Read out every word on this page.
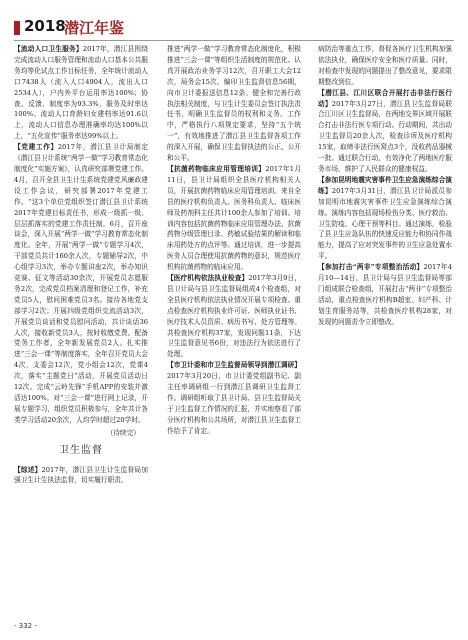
2018
潜江年鉴

【流动人口卫生服务】2017年，潜江县围绕完成流动人口服务管理和流动人口基本公共服务均等化试点工作目标任务，全年统计流动人口7438人（流入人口4904人，流出人口2534人），户内外平台运用率达100%；协查、反馈、制度率为93.3%，服务及时率达100%。流动人口育龄妇女建档率达91.6以上，流动人口信息办理准确率均达100%以上，“五化宣传”服务率达99%以上。

【党建工作】2017年，潜江县卫计局制定《潜江县卫计系统“两学一做”学习教育常态化制度化”实施方案》，认真研究部署党建工作。4月，召开全县卫生计生系统党建党风廉政建设工作会议，研究部署2017年党建工作。“这3个单位党组织签订潜江县卫计系统2017年党建目标责任书，形成一级抓一级、层层抓落实的党建工作责任制。6月，召开座谈会，深入开展“两学一做”学习教育常态化制度化。全年，开展“两学一做”专题学习4次，干部党员共计160余人次，专题辅导2次，中心组学习3次，举办专题讲座2次，举办知识竞赛、征文等活动30余次，开展党员志愿服务2次，完成党员档案清理和登记工作，补充党员5人，慰问困难党员3名。接待各地党支部学习2次；开展四级党组织交流活动3次，开展党员谈话和党员慰问活动，共计谈话36人次，接收新党员3人，按时收缴党费。配备党务工作者，全年新发展党员2人。扎实推进“三会一课”等制度落实，全年召开党员大会4次，支委会12次，党小组会12次，党课4次，落实“主题党日”活动，开展党员活动日12次。完成“云岭先锋”手机APP的安装并激活达100%。对“三会一课”进行网上记录，开展专题学习，组织党员积极参与，全年共计各类学习活动20余次，人均学时超过20学时。

（待续完）
卫生监督

【综述】2017年，潜江县卫生计生监督局加强卫生计生执法监督，切实履行职责。

推进“两学一做”学习教育常态化制度化，积极推进“三会一课”等组织生活制度的规范化。认真开展政治业务学习12次，召开职工大会12次，局务会15次。编印卫生监督信息56期，向市卫计委报送信息12条。健全和完善行政执法相关制度，与卫生计生委员会签订执法责任书，明确卫生监督员的权利和义务。工作中，严格执行八项规定要求，坚持“五个统一”，有效地推进了潜江县卫生监督各项工作的深入开展，确保卫生监督执法的公正、公开和公平。

【抗菌药物临床应用管理培训】2017年1月11日，县卫计局组织全县医疗机构相关人员，开展抗菌药物临床应用管理培训。来自全县的医疗机构负责人、医务科负责人、临床医师及药剂科主任共计100余人参加了培训。培训内容包括抗菌药物临床应用管理办法、抗菌药物分级管理目录、药敏试验结果的解读和临床用药处方的点评等。通过培训，进一步提高医务人员合理使用抗菌药物的意识，规范医疗机构抗菌药物的临床应用。

【医疗机构依法执业检查】2017年3月9日，县卫计局与县卫生监督局组成4个检查组，对全县医疗机构依法执业情况开展专项检查。重点检查医疗机构执业许可证、医师执业证书、医疗技术人员资质、病历书写、处方管理等。共检查医疗机构37家，发现问题11条，下达卫生监督意见书6份，对违法行为依法进行了处理。

【市卫计委和市卫生监督局领导到潜江调研】2017年3月20日，市卫计委党组副书记、副主任率调研组一行到潜江县调研卫生监督工作。调研组听取了县卫计局、县卫生监督局关于卫生监督工作情况的汇报，并实地察看了部分医疗机构和公共场所，对潜江县卫生监督工作给予了肯定。

病防治等重点工作，督促各医疗卫生机构加强依法执业，确保医疗安全和医疗质量。同时，对检查中发现的问题提出了整改意见，要求限期整改到位。

【潜江县、江川区联合开展打击非法行医行动】2017年3月27日，潜江县卫生监督局联合江川区卫生监督局，在两地交界区域开展联合打击非法行医专项行动。行动期间，共出动卫生监督员20余人次，检查诊所及医疗机构15家，取缔非法行医窝点3个，没收药品器械一批。通过联合行动，有效净化了两地医疗服务市场，维护了人民群众的健康权益。

【参加昆明地震灾害事件卫生应急演练综合演练】2017年3月31日，潜江县卫计局派员参加昆明市地震灾害事件卫生应急演练综合演练。演练内容包括现场检伤分类、医疗救治、卫生防疫、心理干预等科目。通过演练，检验了县卫生应急队伍的快速反应能力和协同作战能力，提高了应对突发事件的卫生应急处置水平。

【参加打击“两非”专项整治活动】2017年4月10—14日，县卫计局与县卫生监督局等部门组成联合检查组，开展打击“两非”专项整治活动，重点检查医疗机构B超室、妇产科、计划生育服务站等，共检查医疗机构28家，对发现的问题责令立即整改。

- 332 -
